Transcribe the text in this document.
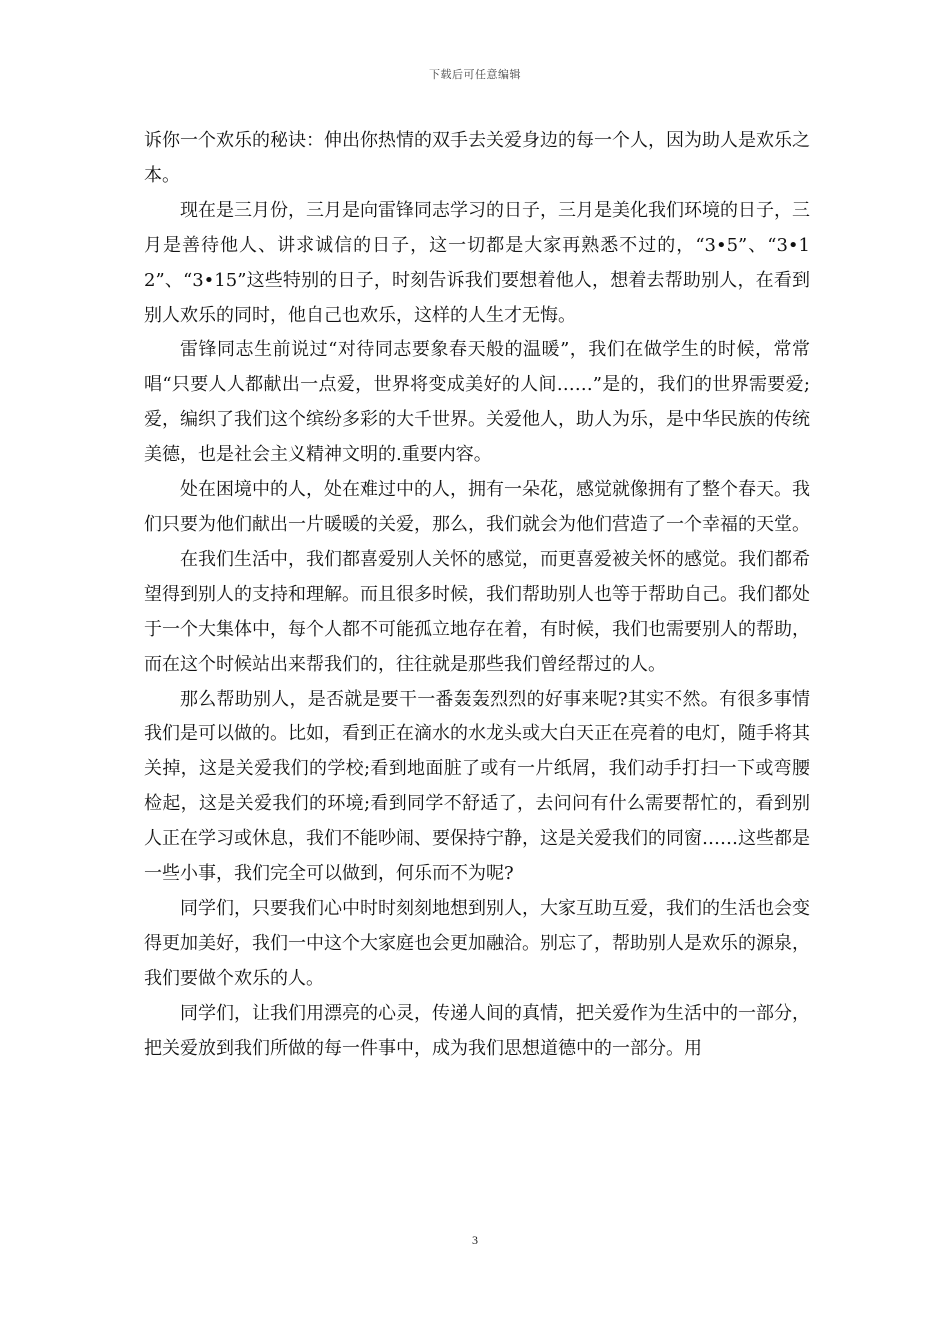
下载后可任意编辑

诉你一个欢乐的秘诀：伸出你热情的双手去关爱身边的每一个人，因为助人是欢乐之本。

现在是三月份，三月是向雷锋同志学习的日子，三月是美化我们环境的日子，三月是善待他人、讲求诚信的日子，这一切都是大家再熟悉不过的，“3•5”、“3•12”、“3•15”这些特别的日子，时刻告诉我们要想着他人，想着去帮助别人，在看到别人欢乐的同时，他自己也欢乐，这样的人生才无悔。

雷锋同志生前说过“对待同志要象春天般的温暖”，我们在做学生的时候，常常唱“只要人人都献出一点爱，世界将变成美好的人间……”是的，我们的世界需要爱;爱，编织了我们这个缤纷多彩的大千世界。关爱他人，助人为乐，是中华民族的传统美德，也是社会主义精神文明的.重要内容。

处在困境中的人，处在难过中的人，拥有一朵花，感觉就像拥有了整个春天。我们只要为他们献出一片暖暖的关爱，那么，我们就会为他们营造了一个幸福的天堂。

在我们生活中，我们都喜爱别人关怀的感觉，而更喜爱被关怀的感觉。我们都希望得到别人的支持和理解。而且很多时候，我们帮助别人也等于帮助自己。我们都处于一个大集体中，每个人都不可能孤立地存在着，有时候，我们也需要别人的帮助，而在这个时候站出来帮我们的，往往就是那些我们曾经帮过的人。

那么帮助别人，是否就是要干一番轰轰烈烈的好事来呢?其实不然。有很多事情我们是可以做的。比如，看到正在滴水的水龙头或大白天正在亮着的电灯，随手将其关掉，这是关爱我们的学校;看到地面脏了或有一片纸屑，我们动手打扫一下或弯腰检起，这是关爱我们的环境;看到同学不舒适了，去问问有什么需要帮忙的，看到别人正在学习或休息，我们不能吵闹、要保持宁静，这是关爱我们的同窗……这些都是一些小事，我们完全可以做到，何乐而不为呢?

同学们，只要我们心中时时刻刻地想到别人，大家互助互爱，我们的生活也会变得更加美好，我们一中这个大家庭也会更加融洽。别忘了，帮助别人是欢乐的源泉，我们要做个欢乐的人。

同学们，让我们用漂亮的心灵，传递人间的真情，把关爱作为生活中的一部分，把关爱放到我们所做的每一件事中，成为我们思想道德中的一部分。用

3
